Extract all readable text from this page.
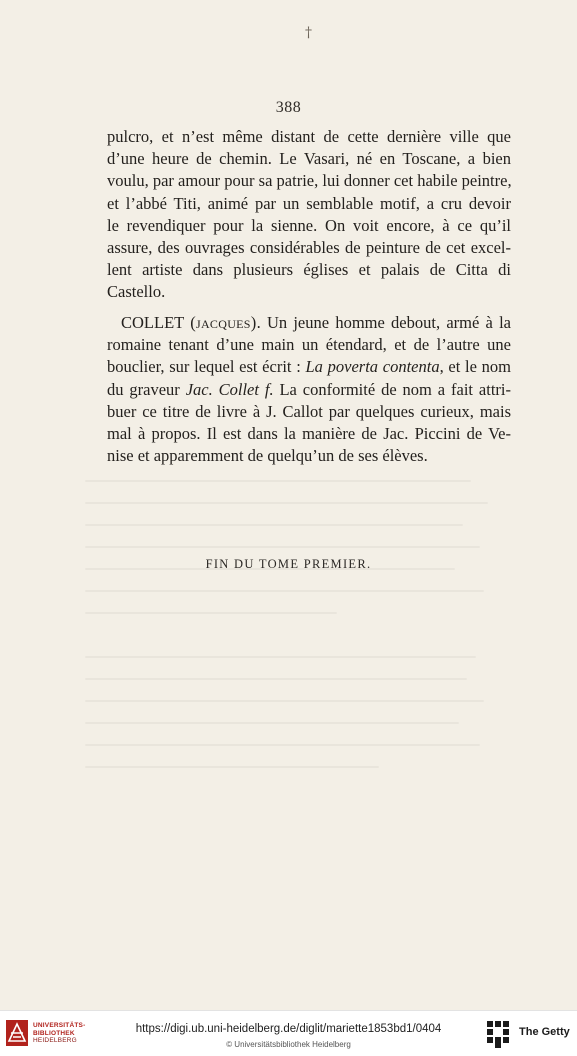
†
388
pulcro, et n’est même distant de cette dernière ville que
d’une heure de chemin. Le Vasari, né en Toscane, a bien
voulu, par amour pour sa patrie, lui donner cet habile peintre,
et l’abbé Titi, animé par un semblable motif, a cru devoir
le revendiquer pour la sienne. On voit encore, à ce qu’il
assure, des ouvrages considérables de peinture de cet excel-
lent artiste dans plusieurs églises et palais de Citta di
Castello.
COLLET (jacques). Un jeune homme debout, armé à la
romaine tenant d’une main un étendard, et de l’autre une
bouclier, sur lequel est écrit : La poverta contenta, et le nom
du graveur Jac. Collet f. La conformité de nom a fait attri-
buer ce titre de livre à J. Callot par quelques curieux, mais
mal à propos. Il est dans la manière de Jac. Piccini de Ve-
nise et apparemment de quelqu’un de ses élèves.
FIN DU TOME PREMIER.
UNIVERSITÄTS-
BIBLIOTHEK
HEIDELBERG
https://digi.ub.uni-heidelberg.de/diglit/mariette1853bd1/0404
© Universitätsbibliothek Heidelberg
The Getty
